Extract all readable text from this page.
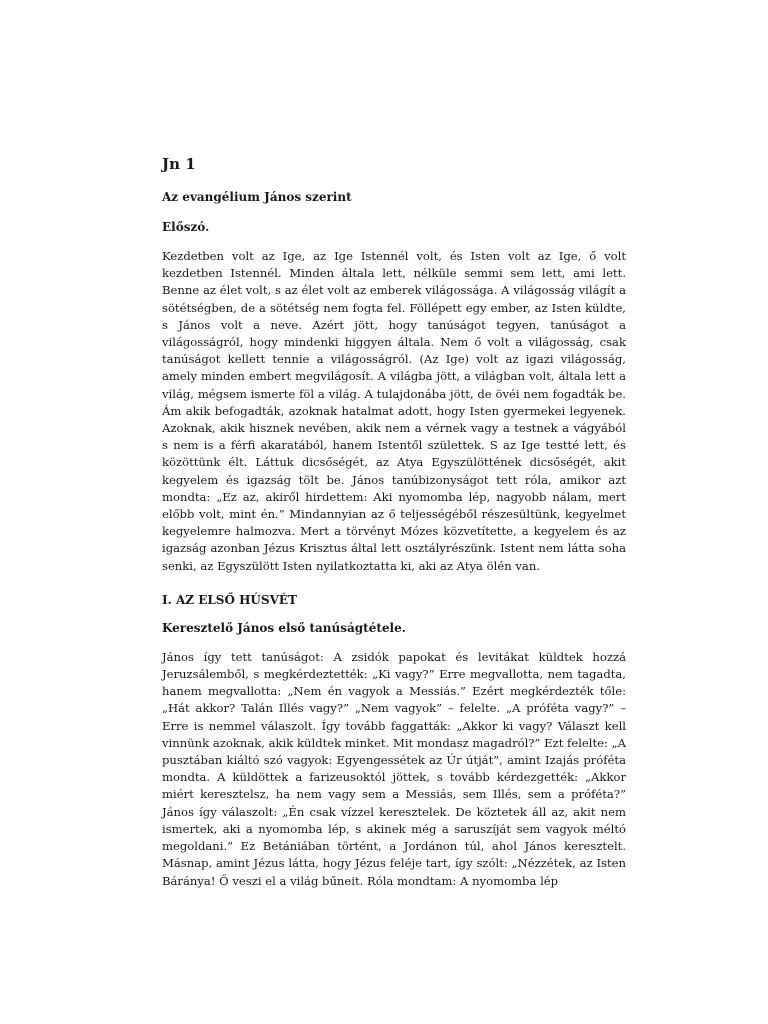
Jn 1
Az evangélium János szerint
Előszó.

Kezdetben volt az Ige, az Ige Istennél volt, és Isten volt az Ige, ő volt kezdetben Istennél. Minden általa lett, nélküle semmi sem lett, ami lett. Benne az élet volt, s az élet volt az emberek világossága. A világosság világít a sötétségben, de a sötétség nem fogta fel. Föllépett egy ember, az Isten küldte, s János volt a neve. Azért jött, hogy tanúságot tegyen, tanúságot a világosságról, hogy mindenki higgyen általa. Nem ő volt a világosság, csak tanúságot kellett tennie a világosságról. (Az Ige) volt az igazi világosság, amely minden embert megvilágosít. A világba jött, a világban volt, általa lett a világ, mégsem ismerte föl a világ. A tulajdonába jött, de övéi nem fogadták be. Ám akik befogadták, azoknak hatalmat adott, hogy Isten gyermekei legyenek. Azoknak, akik hisznek nevében, akik nem a vérnek vagy a testnek a vágyából s nem is a férfi akaratából, hanem Istentől születtek. S az Ige testté lett, és közöttünk élt. Láttuk dicsőségét, az Atya Egyszülöttének dicsőségét, akit kegyelem és igazság tölt be. János tanúbizonyságot tett róla, amikor azt mondta: „Ez az, akiről hirdettem: Aki nyomomba lép, nagyobb nálam, mert előbb volt, mint én.” Mindannyian az ő teljességéből részesültünk, kegyelmet kegyelemre halmozva. Mert a törvényt Mózes közvetítette, a kegyelem és az igazság azonban Jézus Krisztus által lett osztályrészünk. Istent nem látta soha senki, az Egyszülött Isten nyilatkoztatta ki, aki az Atya ölén van.

I. AZ ELSŐ HÚSVÉT
Keresztelő János első tanúságtétele.

János így tett tanúságot: A zsidók papokat és levitákat küldtek hozzá Jeruzsálemből, s megkérdeztették: „Ki vagy?” Erre megvallotta, nem tagadta, hanem megvallotta: „Nem én vagyok a Messiás.” Ezért megkérdezték tőle: „Hát akkor? Talán Illés vagy?” „Nem vagyok” – felelte. „A próféta vagy?” – Erre is nemmel válaszolt. Így tovább faggatták: „Akkor ki vagy? Választ kell vinnünk azoknak, akik küldtek minket. Mit mondasz magadról?” Ezt felelte: „A pusztában kiáltó szó vagyok: Egyengessétek az Úr útját”, amint Izajás próféta mondta. A küldöttek a farizeusoktól jöttek, s tovább kérdezgették: „Akkor miért keresztelsz, ha nem vagy sem a Messiás, sem Illés, sem a próféta?” János így válaszolt: „Én csak vízzel keresztelek. De köztetek áll az, akit nem ismertek, aki a nyomomba lép, s akinek még a saruszíját sem vagyok méltó megoldani.” Ez Betániában történt, a Jordánon túl, ahol János keresztelt. Másnap, amint Jézus látta, hogy Jézus feléje tart, így szólt: „Nézzétek, az Isten Báránya! Ő veszi el a világ bűneit. Róla mondtam: A nyomomba lép
